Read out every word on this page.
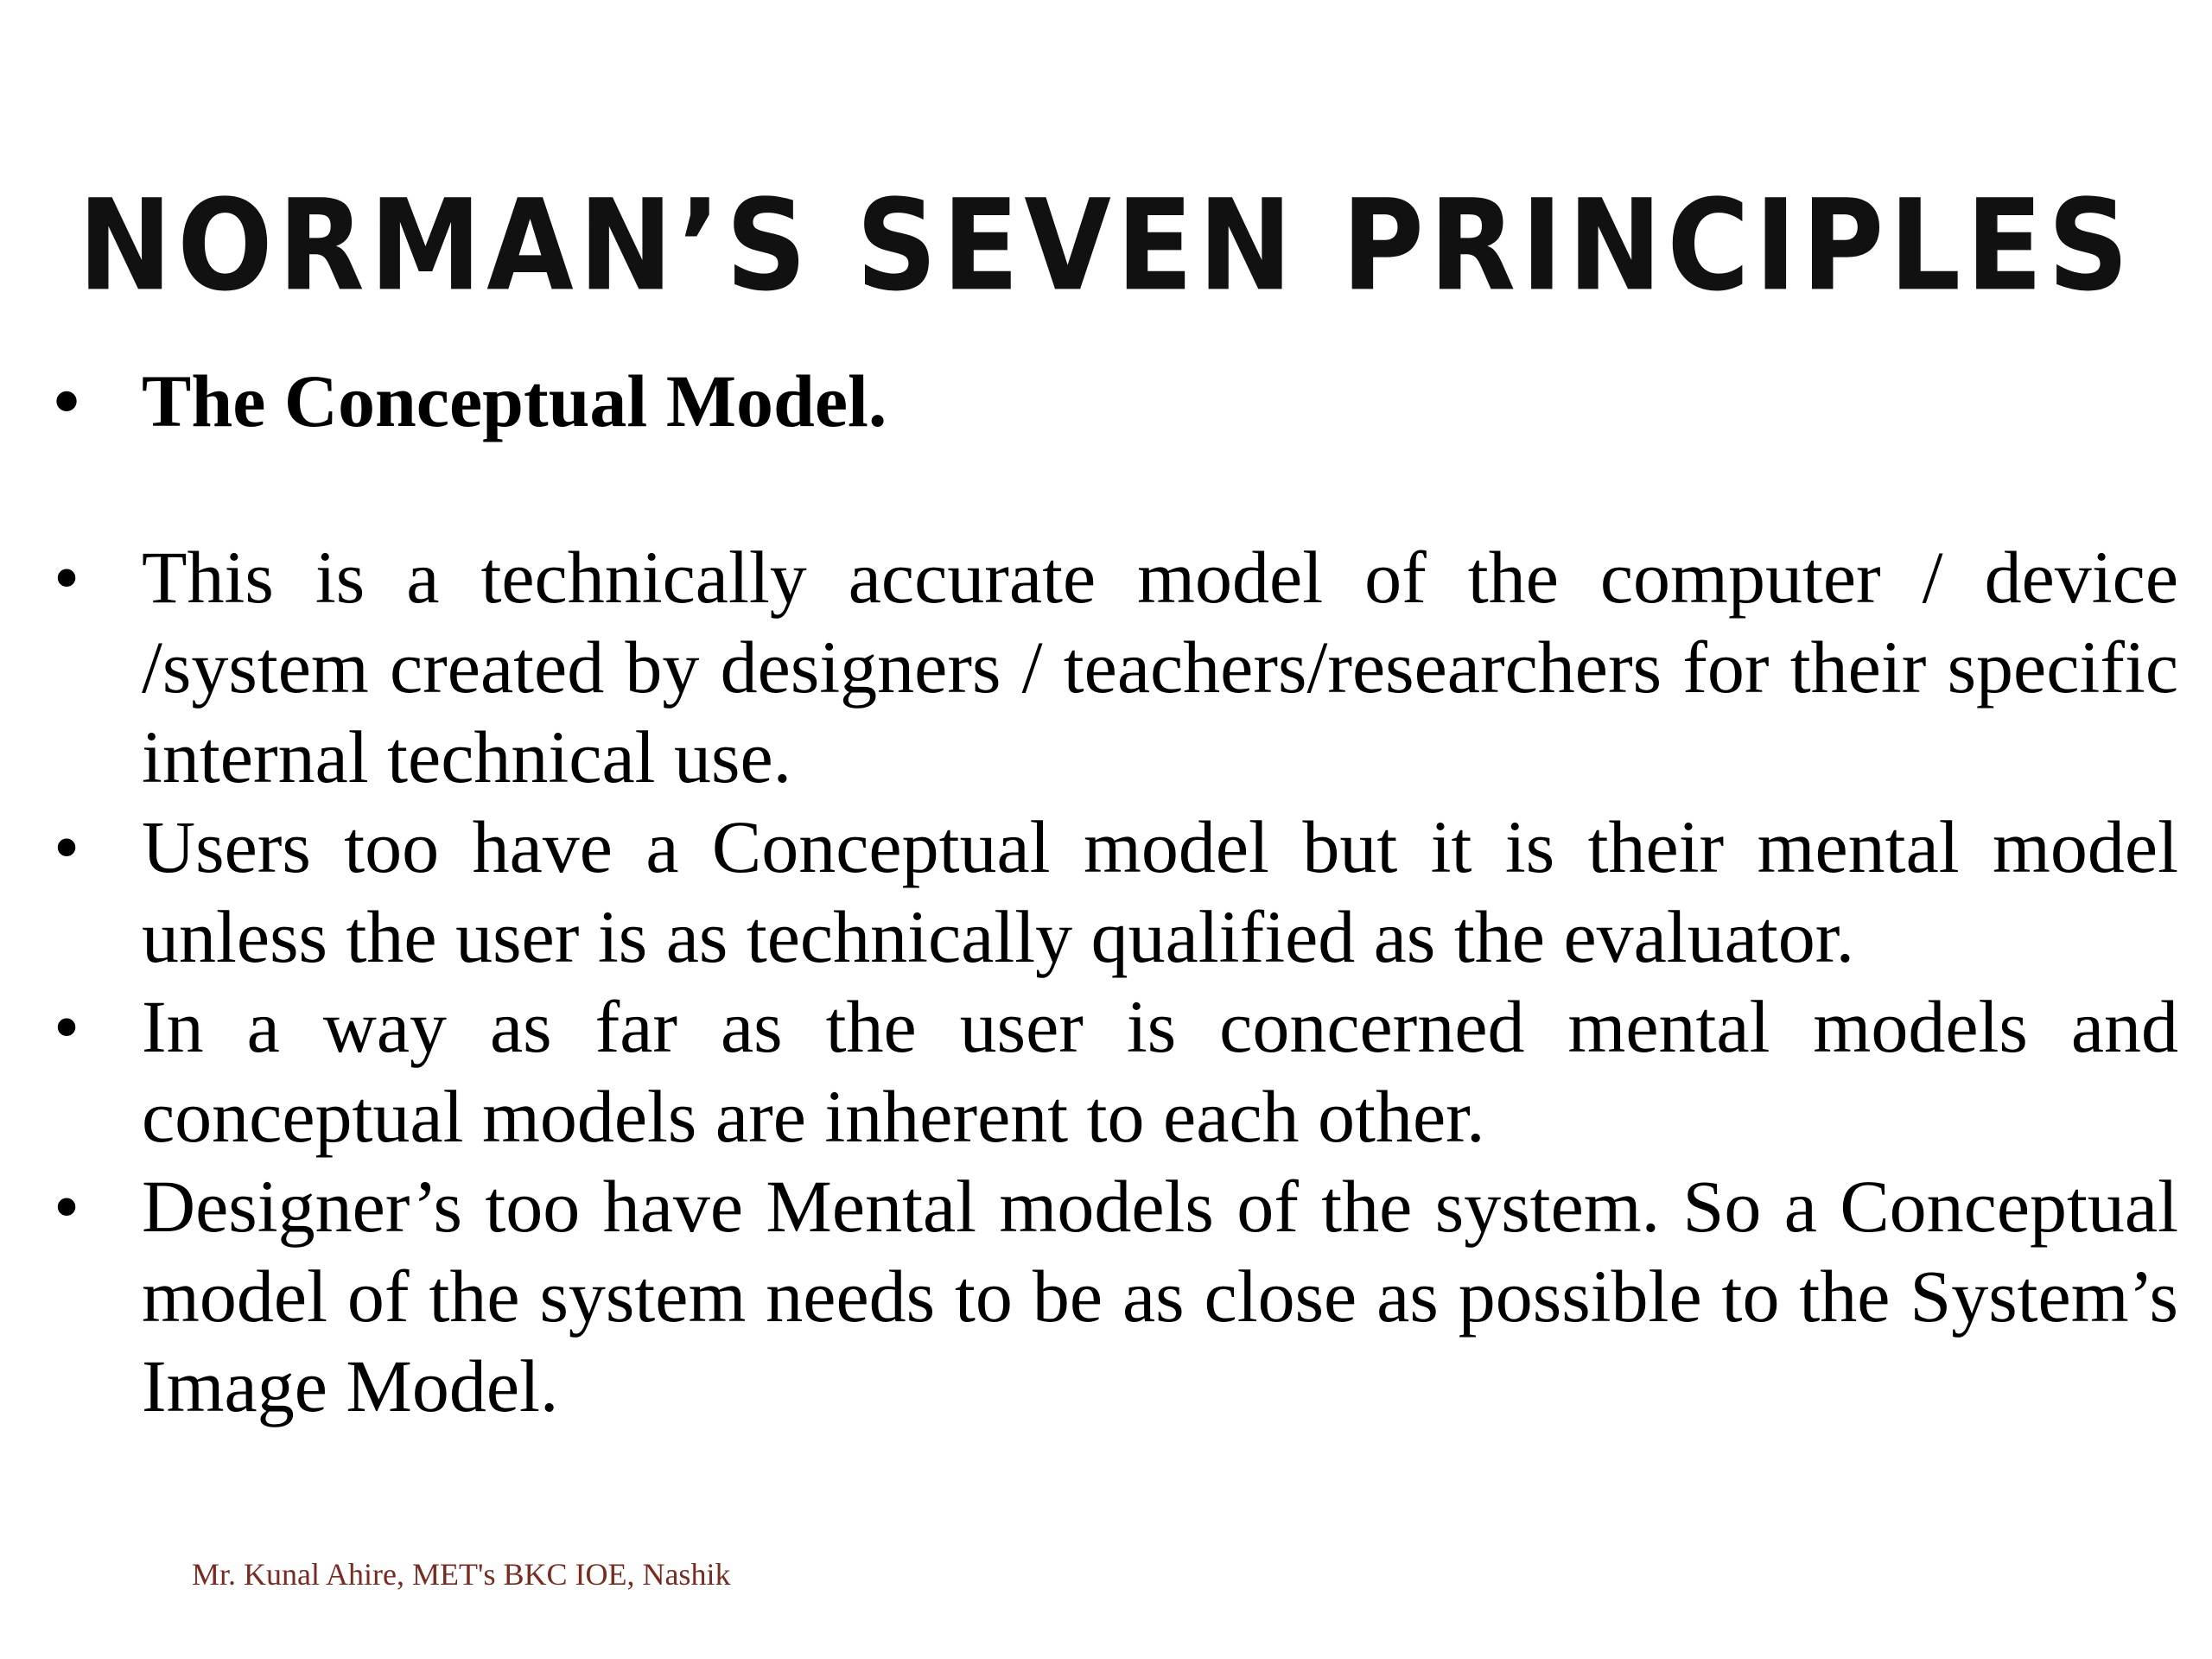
NORMAN’S SEVEN PRINCIPLES
• The Conceptual Model.
• This is a technically accurate model of the computer / device /system created by designers / teachers/researchers for their specific internal technical use.
• Users too have a Conceptual model but it is their mental model unless the user is as technically qualified as the evaluator.
• In a way as far as the user is concerned mental models and conceptual models are inherent to each other.
• Designer’s too have Mental models of the system. So a Conceptual model of the system needs to be as close as possible to the System’s Image Model.
Mr. Kunal Ahire, MET's BKC IOE, Nashik
